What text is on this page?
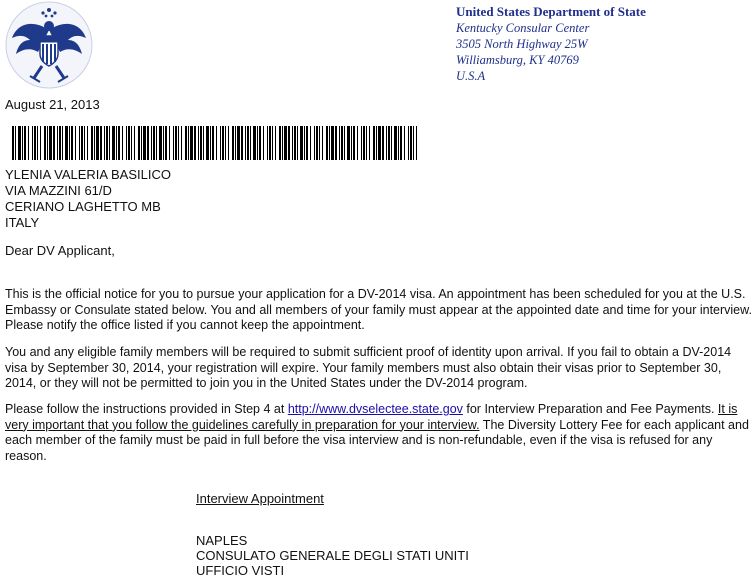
United States Department of State
Kentucky Consular Center
3505 North Highway 25W
Williamsburg, KY 40769
U.S.A
August 21, 2013
YLENIA VALERIA BASILICO
VIA MAZZINI 61/D
CERIANO LAGHETTO MB
ITALY
Dear DV Applicant,

This is the official notice for you to pursue your application for a DV-2014 visa. An appointment has been scheduled for you at the U.S. Embassy or Consulate stated below. You and all members of your family must appear at the appointed date and time for your interview. Please notify the office listed if you cannot keep the appointment.

You and any eligible family members will be required to submit sufficient proof of identity upon arrival. If you fail to obtain a DV-2014 visa by September 30, 2014, your registration will expire. Your family members must also obtain their visas prior to September 30, 2014, or they will not be permitted to join you in the United States under the DV-2014 program.

Please follow the instructions provided in Step 4 at http://www.dvselectee.state.gov for Interview Preparation and Fee Payments. It is very important that you follow the guidelines carefully in preparation for your interview. The Diversity Lottery Fee for each applicant and each member of the family must be paid in full before the visa interview and is non-refundable, even if the visa is refused for any reason.

Interview Appointment
NAPLES
CONSULATO GENERALE DEGLI STATI UNITI
UFFICIO VISTI
